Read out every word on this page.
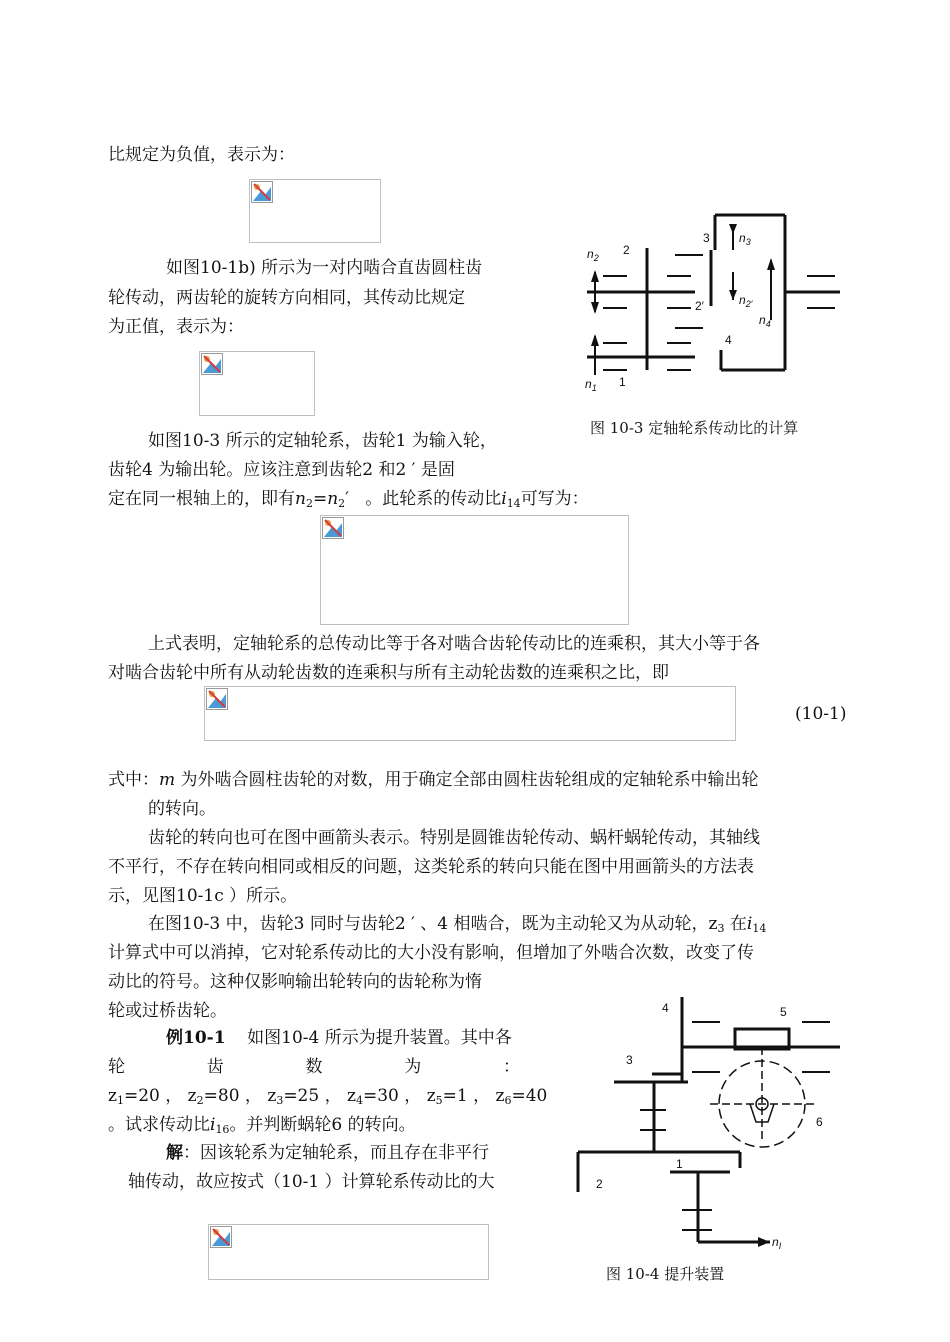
比规定为负值，表示为：
如图10-1b) 所示为一对内啮合直齿圆柱齿
轮传动，两齿轮的旋转方向相同，其传动比规定
为正值，表示为：
如图10-3 所示的定轴轮系，齿轮1 为输入轮，
齿轮4 为输出轮。应该注意到齿轮2 和2 ′ 是固
定在同一根轴上的，即有$n_2=n_2'$   。此轮系的传动比$i_{14}$可写为：
上式表明，定轴轮系的总传动比等于各对啮合齿轮传动比的连乘积，其大小等于各
对啮合齿轮中所有从动轮齿数的连乘积与所有主动轮齿数的连乘积之比，即
(10-1)
式中：m 为外啮合圆柱齿轮的对数，用于确定全部由圆柱齿轮组成的定轴轮系中输出轮
的转向。
齿轮的转向也可在图中画箭头表示。特别是圆锥齿轮传动、蜗杆蜗轮传动，其轴线
不平行，不存在转向相同或相反的问题，这类轮系的转向只能在图中用画箭头的方法表
示，见图10-1c ）所示。
在图10-3 中，齿轮3 同时与齿轮2 ′ 、4 相啮合，既为主动轮又为从动轮，$z_3$ 在$i_{14}$
计算式中可以消掉，它对轮系传动比的大小没有影响，但增加了外啮合次数，改变了传
动比的符号。这种仅影响输出轮转向的齿轮称为惰
轮或过桥齿轮。
例10-1    如图10-4 所示为提升装置。其中各
轮	齿	数	为	：
$z_1=20$ ， $z_2=80$ ， $z_3=25$ ， $z_4=30$ ， $z_5=1$ ， $z_6=40$
。试求传动比$i_{16}$。并判断蜗轮6 的转向。
解：因该轮系为定轴轮系，而且存在非平行
轴传动，故应按式（10-1 ）计算轮系传动比的大
$n_2$
2
3 $n_3$
$n_{2'}$
2′
$n_4$
4
$n_1$ 1
图 10-3 定轴轮系传动比的计算
4	5
3
6
2
1
$n_I$
图 10-4 提升装置
